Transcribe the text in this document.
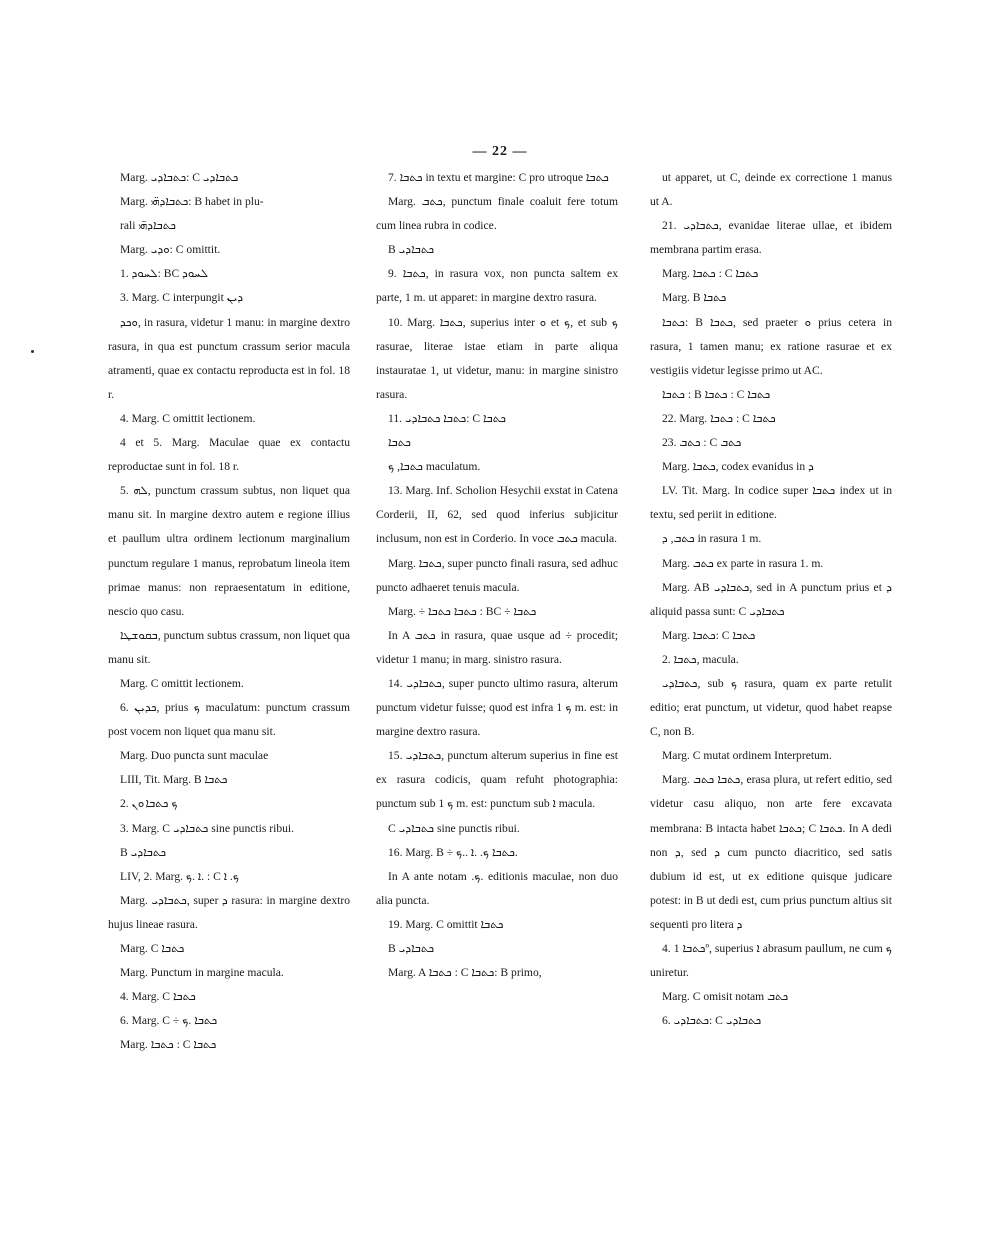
— 22 —

Marg. ܟܬܒܐܕܝ: C ܟܬܒܐܕܝ

Marg. ܟܬܒܐܕܗ̈ܝ: B habet in plu-

rali ܟܬܒܐܕܗ̈ܝ

Marg. ܘܕܝ: C omittit.

1. ܠܚܘܕ: BC ܠܚܘܕ

3. Marg. C interpungit ܕܝܢ

ܘܟܕ, in rasura, videtur 1 manu: in margine dextro rasura, in qua est punctum crassum serior macula atramenti, quae ex contactu reproducta est in fol. 18 r.

4. Marg. C omittit lectionem.

4 et 5. Marg. Maculae quae ex contactu reproductae sunt in fol. 18 r.

5. ܠܗ, punctum crassum subtus, non liquet qua manu sit. In margine dextro autem e regione illius et paullum ultra ordinem lectionum marginalium punctum regulare 1 manus, reprobatum lineola item primae manus: non repraesentatum in editione, nescio quo casu.

ܒܩܘܫܛܐ, punctum subtus crassum, non liquet qua manu sit.

Marg. C omittit lectionem.

6. ܟܕܝܢ, prius ܟ maculatum: punctum crassum post vocem non liquet qua manu sit.

Marg. Duo puncta sunt maculae

LIII, Tit. Marg. B ܟܬܒܐ

2. ܟ ܟܬܒܐ ܘܢ

3. Marg. C ܟܬܒܐܕܝ sine punctis ribui.

B ܟܬܒܐܕܝ

LIV, 2. Marg. ܐ .ܟ. : C ܟ. ܐ

Marg. ܟܬܒܐܕܝ, super ܕ rasura: in margine dextro hujus lineae rasura.

Marg. C ܟܬܒܐ

Marg. Punctum in margine macula.

4. Marg. C ܟܬܒܐ

6. Marg. C ÷ ܟܬܒܐ .ܟ

Marg. ܟܬܒܐ : C ܟܬܒܐ

7. ܟܬܒܐ in textu et margine: C pro utroque ܟܬܒܐ

Marg. ܟܬܒ, punctum finale coaluit fere totum cum linea rubra in codice.

B ܟܬܒܐܕܝ

9. ܟܬܒܐ, in rasura vox, non puncta saltem ex parte, 1 m. ut apparet: in margine dextro rasura.

10. Marg. ܟܬܒܐ, superius inter ܘ et ܟ, et sub ܟ rasurae, literae istae etiam in parte aliqua instauratae 1, ut videtur, manu: in margine sinistro rasura.

11. ܟܬܒܐ ܟܬܒܐܕܝ: C ܟܬܒܐ

ܟܬܒܐ

ܟܬܒܐ, ܟ maculatum.

13. Marg. Inf. Scholion Hesychii exstat in Catena Corderii, II, 62, sed quod inferius subjicitur inclusum, non est in Corderio. In voce ܟܬܒ macula.

Marg. ܟܬܒܐ, super puncto finali rasura, sed adhuc puncto adhaeret tenuis macula.

Marg. ÷ ܟܬܒܐ ܟܬܒܐ : BC ÷ ܟܬܒܐ

In A ܟܬܒ in rasura, quae usque ad ÷ procedit; videtur 1 manu; in marg. sinistro rasura.

14. ܟܬܒܐܕܝ, super puncto ultimo rasura, alterum punctum videtur fuisse; quod est infra ܟ 1 m. est: in margine dextro rasura.

15. ܟܬܒܐܕܝ, punctum alterum superius in fine est ex rasura codicis, quam refuht photographia: punctum sub ܟ 1 m. est: punctum sub ܐ macula.

C ܟܬܒܐܕܝ sine punctis ribui.

16. Marg. B ÷ ܟܬܒܐ ܟ. .ܐ ..ܟ.

In A ante notam .ܟ. editionis maculae, non duo alia puncta.

19. Marg. C omittit ܟܬܒܐ

B ܟܬܒܐܕܝ

Marg. A ܟܬܒܐ : C ܟܬܒܐ: B primo,

ut apparet, ut C, deinde ex correctione 1 manus ut A.

21. ܟܬܒܐܕܝ, evanidae literae ullae, et ibidem membrana partim erasa.

Marg. ܟܬܒܐ : C ܟܬܒܐ

Marg. B ܟܬܒܐ

ܟܬܒܐ: B ܟܬܒܐ, sed praeter ܘ prius cetera in rasura, 1 tamen manu; ex ratione rasurae et ex vestigiis videtur legisse primo ut AC.

ܟܬܒܐ : B ܟܬܒܐ : C ܟܬܒܐ

22. Marg. ܟܬܒܐ : C ܟܬܒܐ

23. ܟܬܒ : C ܟܬܒ

Marg. ܟܬܒܐ, codex evanidus in ܕ

LV. Tit. Marg. In codice super ܟܬܒܐ index ut in textu, sed periit in editione.

ܟܬܒ, ܕ in rasura 1 m.

Marg. ܟܬܒ ex parte in rasura 1. m.

Marg. AB ܟܬܒܐܕܝ, sed in A punctum prius et ܕ aliquid passa sunt: C ܟܬܒܐܕܝ

Marg. ܟܬܒܐ: C ܟܬܒܐ

2. ܟܬܒܐ, macula.

ܟܬܒܐܕܝ, sub ܟ rasura, quam ex parte retulit editio; erat punctum, ut videtur, quod habet reapse C, non B.

Marg. C mutat ordinem Interpretum.

Marg. ܟܬܒܐ ܟܬܒ, erasa plura, ut refert editio, sed videtur casu aliquo, non arte fere excavata membrana: B intacta habet ܟܬܒܐ; C ܟܬܒܐ. In A dedi non ܕ, sed ܕ cum puncto diacritico, sed satis dubium id est, ut ex editione quisque judicare potest: in B ut dedi est, cum prius punctum altius sit sequenti pro litera ܕ

4. ܟܬܒܐ 1º, superius ܐ abrasum paullum, ne cum ܟ uniretur.

Marg. C omisit notam ܟܬܒ

6. ܟܬܒܐܕܝ: C ܟܬܒܐܕܝ
